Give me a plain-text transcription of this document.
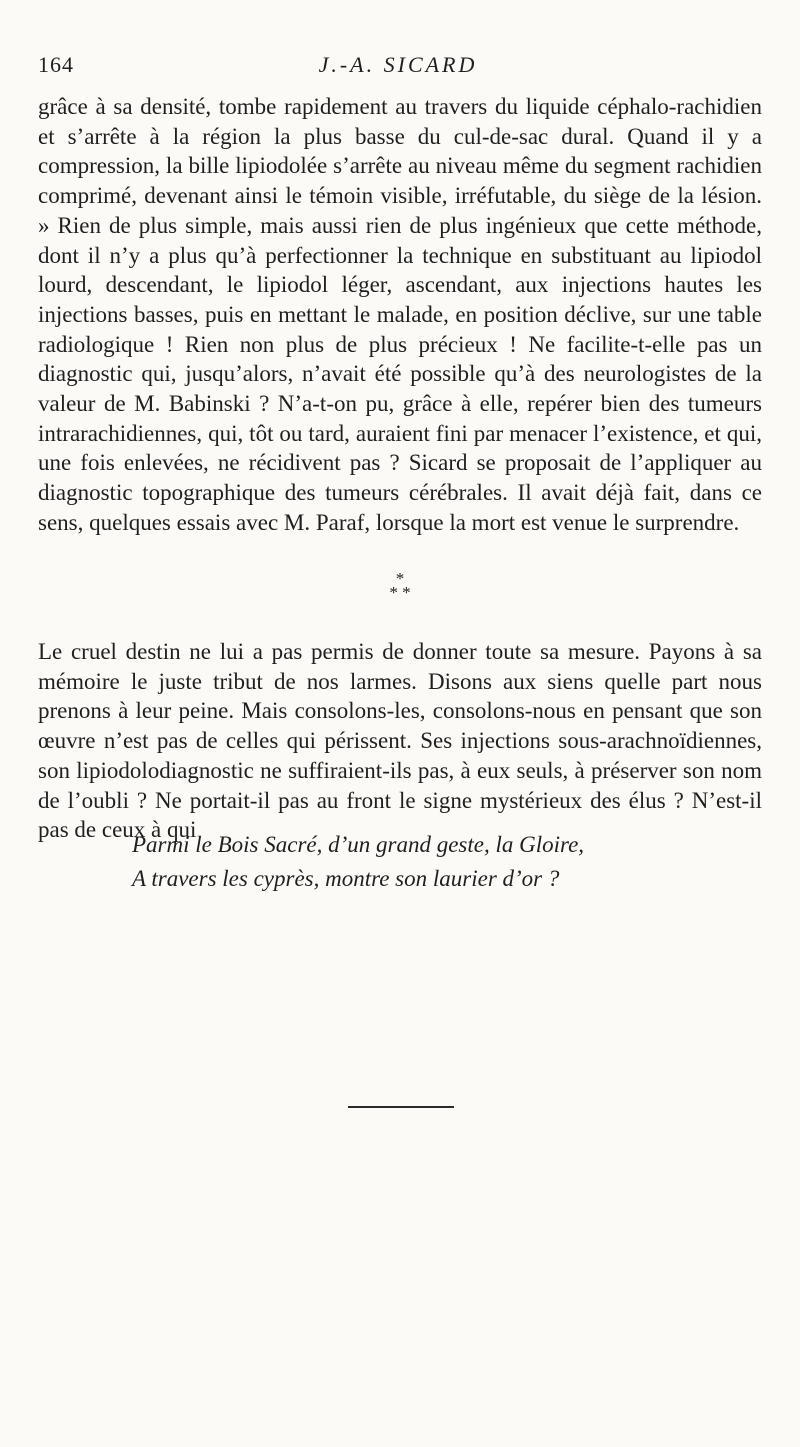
164	J.-A. SICARD

grâce à sa densité, tombe rapidement au travers du liquide céphalo-rachidien et s’arrête à la région la plus basse du cul-de-sac dural. Quand il y a compression, la bille lipiodolée s’arrête au niveau même du segment rachidien comprimé, devenant ainsi le témoin visible, irréfutable, du siège de la lésion. » Rien de plus simple, mais aussi rien de plus ingénieux que cette méthode, dont il n’y a plus qu’à perfectionner la technique en substituant au lipiodol lourd, descendant, le lipiodol léger, ascendant, aux injections hautes les injections basses, puis en mettant le malade, en position déclive, sur une table radiologique ! Rien non plus de plus précieux ! Ne facilite-t-elle pas un diagnostic qui, jusqu’alors, n’avait été possible qu’à des neurologistes de la valeur de M. Babinski ? N’a-t-on pu, grâce à elle, repérer bien des tumeurs intrarachidiennes, qui, tôt ou tard, auraient fini par menacer l’existence, et qui, une fois enlevées, ne récidivent pas ? Sicard se proposait de l’appliquer au diagnostic topographique des tumeurs cérébrales. Il avait déjà fait, dans ce sens, quelques essais avec M. Paraf, lorsque la mort est venue le surprendre.

*
* *

Le cruel destin ne lui a pas permis de donner toute sa mesure. Payons à sa mémoire le juste tribut de nos larmes. Disons aux siens quelle part nous prenons à leur peine. Mais consolons-les, consolons-nous en pensant que son œuvre n’est pas de celles qui périssent. Ses injections sous-arachnoïdiennes, son lipiodolodiagnostic ne suffiraient-ils pas, à eux seuls, à préserver son nom de l’oubli ? Ne portait-il pas au front le signe mystérieux des élus ? N’est-il pas de ceux à qui

Parmi le Bois Sacré, d’un grand geste, la Gloire,
A travers les cyprès, montre son laurier d’or ?
